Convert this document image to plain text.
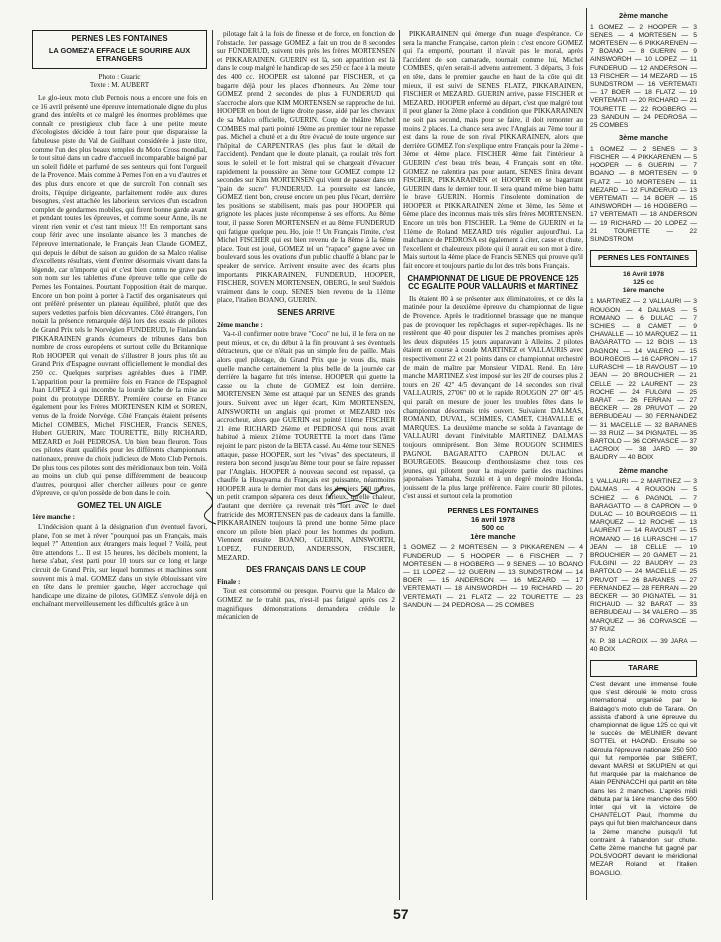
PERNES LES FONTAINES
LA GOMEZ'A EFFACE LE SOURIRE AUX ETRANGERS
Photo : Guaric
Texte : M. AUBERT

Le glo-ieux moto club Pernois nous a encore une fois en ce 16 avril présenté une épreuve internationale digne du plus grand des intérêts et ce malgré les énormes problèmes que connaît ce prestigieux club face à une petite meute d'écologistes décidée à tout faire pour que disparaisse la fabuleuse piste du Val de Guilhaut considérée à juste titre, comme l'un des plus beaux temples du Moto Cross mondial, le tout situé dans un cadre d'accueil incomparable baigné par un soleil fidèle et parfumé de ses senteurs qui font l'orgueil de la Provence. Mais comme à Pernes l'on en a vu d'autres et des plus durs encore et que de surcroît l'on connaît ses droits, l'équipe dirigeante, parfaitement rodée aux dures besognes, s'est attachée les laborieux services d'un escadron complet de gendarmes mobiles, qui firent bonne garde avant et pendant toutes les épreuves, et comme soeur Anne, ils ne virent rien venir et c'est tant mieux !!! En remportant sans coup férir avec une insolante aisance les 3 manches de l'épreuve internationale, le Français Jean Claude GOMEZ, qui depuis le début de saison au guidon de sa Malco réalise d'excellents résultats, vient d'entrer désormais vivant dans la légende, car n'importe qui et c'est bien connu ne grave pas son nom sur les tablettes d'une épreuve telle que celle de Pernes les Fontaines. Pourtant l'opposition était de marque. Encore un bon point à porter à l'actif des organisateurs qui ont préféré présenter un plateau équilibré, plutôt que des supers vedettes parfois bien décevantes. Côté étrangers, l'on notait la présence remarquée déjà lors des essais de pilotes de Grand Prix tels le Norvégien FUNDERUD, le Finlandais PIKKARAINEN grands écumeurs de tribunes dans bon nombre de cross européens et surtout celle du Britannique Rob HOOPER qui venait de s'illustrer 8 jours plus tôt au Grand Prix d'Espagne ouvrant officiellement le mondial des 250 cc. Quelques surprises agréables dues à l'IMP. L'apparition pour la première fois en France de l'Espagnol Juan LOPEZ à qui incombe la lourde tâche de la mise au point du prototype DERBY. Première course en France également pour les Frères MORTENSEN KIM et SOREN, venus de la froide Norvège. Côté Français étaient présents Michel COMBES, Michel FISCHER, Francis SENES, Hubert GUERIN, Marc TOURETTE, Billy RICHARD, MEZARD et Joël PEDROSA. Un bien beau fleuron. Tous ces pilotes étant qualifiés pour les différents championnats nationaux, preuve du choix judicieux de Moto Club Pernois. De plus tous ces pilotes sont des méridionaux bon tein. Voilà au moins un club qui pense différemment de beaucoup d'autres, pourquoi aller chercher ailleurs pour ce genre d'épreuve, ce qu'on possède de bon dans le coin.

GOMEZ TEL UN AIGLE
1ère manche :

L'indécision quant à la désignation d'un éventuel favori, plane, l'on se met à réver "pourquoi pas un Français, mais lequel ?" Attention aux étrangers mais lequel ? Voilà, peut être attendons !... Il est 15 heures, les décibels montent, la herse s'abat, s'est parti pour 10 tours sur ce long et large circuit de Grand Prix, sur lequel hommes et machines sont souvent mis à mal. GOMEZ dans un style éblouissant vire en tête dans le premier gauche, léger accrochage qui handicape une dizaine de pilotes, GOMEZ s'envole déjà en enchaînant merveilleusement les difficultés grâce à un

pilotage fait à la fois de finesse et de force, en fonction de l'obstacle. 1er passage GOMEZ a fait un trou de 8 secondes sur FÜNDERUD, suivent très près les frères MORTENSEN et PIKKARAINEN. GUERIN est là, son apparition est là dans le coup malgré le handicap de ses 250 cc face à la meute des 400 cc. HOOPER est talonné par FISCHER, et ça bagarre déjà pour les places d'honneurs. Au 2ème tour GOMEZ prend 2 secondes de plus à FUNDERUD qui s'accroche alors que KIM MORTENSEN se rapproche de lui. HOOPER en bout de ligne droite passe, aidé par les chevaux de sa Malco officielle, GUERIN. Coup de théâtre Michel COMBES mal parti pointé 19ème au premier tour ne repasse pas. Michel a chuté et a du être évacué de toute urgence sur l'hôpital de CARPENTRAS (les plus faut le détail de l'accident). Pendant que le doute planait, ça roulait très fort sous le soleil et le fort mistral qui se chargeait d'évacuer rapidement la poussière au 3ème tour GOMEZ compte 12 secondes sur Kim MORTENSEN qui vient de passer dans un "pain de sucre" FUNDERUD. La poursuite est lancée, GOMEZ tient bon, creuse encore un peu plus l'écart, derrière les positions se stabilisent, mais pas pour HOOPER qui grignote les places juste récompense à ses efforts. Au 8ème tour, il passe Soren MORTENSEN et au 8ème FUNDERUD qui fatigue quelque peu. Ho, joie !! Un Français l'imite, c'est Michel FISCHER qui est bien revenu de la 8ème à la 6ème place. Tout est joué, GOMEZ tel un "rapace" gagne avec un boulevard sous les ovations d'un public chauffé à blanc par le speaker de service. Arrivent ensuite avec des écarts plus importants PIKKARAINEN, FUNDERUD, HOOPER, FISCHER, SOVEN MORTENSEN, OBERG, le seul Suédois vraiment dans le coup. SENES bien revenu de la 11ème place, l'italien BOANO, GUERIN.

SENES ARRIVE
2ème manche :

Va-t-il confirmer notre brave "Coco" ne lui, il le fera on ne peut mieux, et ce, du début à la fin prouvant à ses éventuels détracteurs, que ce n'était pas un simple feu de paille. Mais alors quel pilotage, du Grand Prix que je vous dis, mais quelle manche certainement la plus belle de la journée car derrière la bagarre fut très intense. HOOPER qui guette la casse ou la chute de GOMEZ est loin derrière. MORTENSEN 3ème est attaqué par un SENES des grands jours. Suivent avec un léger écart, Kim MORTENSEN, AINSWORTH un anglais qui promet et MEZARD très accrocheur, alors que GUERIN est pointé 11ème FISCHER 21 ème RICHARD 26ème et PEDROSA qui nous avait habitué à mieux 21ème TOURETTE la mort dans l'âme rejoint le parc piston de la BETA cassé. Au 4ème tour SENES attaque, passe HOOPER, sort les "vivas" des spectateurs, il restera bon second jusqu'au 8ème tour pour se faire repasser par l'Anglais. HOOPER à nouveau second est repassé, ça chauffe la Husqvarna du Français est puissante, néanmoins HOOPER aura le dernier mot dans les derniers 500 mètres, un petit crampon séparera ces deux furieux, qu'elle chaleur, d'autant que derrière ça revenait très fort avec le duel fratricide des MORTENSEN pas de cadeaux dans la famille. PIKKARAINEN toujours là prend une bonne 5ème place encore un pilote bien placé pour les hommes du podium. Viennent ensuite BOANO, GUERIN, AINSWORTH, LOPEZ, FUNDERUD, ANDERSSON, FISCHER, MEZARD.

DES FRANÇAIS DANS LE COUP
Finale :

Tout est consommé ou presque. Pourvu que la Malco de GOMEZ ne le trahit pas, n'est-il pas fatigué après ces 2 magnifiques démonstrations demandera crédule le mécanicien de

PIKKARAINEN qui émerge d'un nuage d'espérance. Ce sera la manche Française, carton plein : c'est encore GOMEZ qui l'a emporté, pourtant il n'avait pas le moral, après l'accident de son camarade, tournait comme lui, Michel COMBES, qu'en serait-il advenu autrement. 3 départs, 3 fois en tête, dans le premier gauche en haut de la côte qui dit mieux, il est suivi de SENES FLATZ, PIKKARAINEN, FISCHER et MEZARD. GUERIN arrive, passe FISCHER et MEZARD. HOOPER enfermé au départ, c'est que malgré tout il peut glaner la 2ème place à condition que PIKKARAINEN ne soit pas second, mais pour se faire, il doit remonter au moins 2 places. La chance sera avec l'Anglais au 7ème tour il est dans la roue de son rival PIKKARAINEN, alors que derrière GOMEZ l'on s'explique entre Français pour la 2ème - 3ème et 4ème place. FISCHER 4ème fait l'intérieur à GUERIN c'est beau très beau, 4 Français sont en tête. GOMEZ ne ralentira pas pour autant, SENES finira devant FISCHER, PIKKARAINEN et HOOPER en se bagarrant GUERIN dans le dernier tour. Il sera quand même bien battu le brave GUERIN. Hormis l'insolente domination de HOOPER et PIKKARAINEN 2ème et 3ème, les 5ème et 6ème place des inconnus mais très sûrs frères MORTENSEN. Encore un très bon FISCHER. La 9ème de GUERIN et la 11ème de Roland MEZARD très régulier aujourd'hui. La malchance de PEDROSA est également à citer, casse et chute, l'excellent et chaleureux pilote qui il aurait eu son mot à dire. Mais surtout la 4ème place de Francis SENES qui prouve qu'il fait encore et toujours partie du lot des très bons Français.

CHAMPIONNAT DE LIGUE DE PROVENCE 125 CC EGALITE POUR VALLAURIS et MARTINEZ

Ils étaient 80 à se présenter aux éliminatoires, et ce dès la matinée pour la deuxième épreuve du championnat de ligue de Provence. Après le traditionnel brassage que ne manque pas de provoquer les repêchages et super-repêchages. Ils ne restèrent que 40 pour disputer les 2 manches promises après les deux disputées 15 jours auparavant à Alleins. 2 pilotes étaient en course à coude MARTINEZ et VALLAURIS avec respectivement 22 et 21 points dans ce championnat orchestré de main de maître par Monsieur VIDAL René. En 1ère manche MARTINEZ s'est imposé sur les 20' de courses plus 2 tours en 26' 42'' 4/5 devançant de 14 secondes son rival VALLAURIS, 27'06'' 00 et le rapide ROUGON 27' 08'' 4/5 qui paraît en mesure de jouer les troubles fêtes dans le championnat désormais très ouvert. Suivaient DALMAS, ROMAND, DUVAL, SCHMIES, CAMET, CHAVALLE et MARQUES. La deuxième manche se solda à l'avantage de VALLAURI devant l'inévitable MARTINEZ DALMAS toujours omniprésent. Bon 3ème ROUGON SCHMIES PAGNOL BAGARATTO CAPRON DULAC et BOURGEOIS. Beaucoup d'enthousiasme chez tous ces jeunes, qui pilotent pour la majeure partie des machines japonaises Yamaha, Suzuki et à un degré moindre Honda, jouissent de la plus large préférence. Faire courir 80 pilotes, c'est aussi et surtout cela la promotion

PERNES LES FONTAINES
16 avril 1978
500 cc
1ère manche
1 GOMEZ — 2 MORTESEN — 3 PIKKARENEN — 4 FUNDERUD — 5 HOOPER — 6 FISCHER — 7 MORTESEN — 8 HOGBERG — 9 SENES — 10 BOANO — 11 LOPEZ — 12 GUERIN — 13 SUNDSTROM — 14 BOER — 15 ANDERSON — 16 MEZARD — 17 VERTEMATI — 18 AINSWORDH — 19 RICHARD — 20 VERTEMATI — 21 FLATZ — 22 TOURETTE — 23 SANDUN — 24 PEDROSA — 25 COMBES
2ème manche
1 GOMEZ — 2 HOOPER — 3 SENES — 4 MORTESEN — 5 MORTESEN — 6 PIKKARENEN — 7 BOANO — 8 GUERIN — 9 AINSWORDH — 10 LOPEZ — 11 FUNDERUD — 12 ANDERSON — 13 FISCHER — 14 MEZARD — 15 SUNDSTROM — 16 VERTEMATI — 17 BOER — 18 FLATZ — 19 VERTEMATI — 20 RICHARD — 21 TOURETTE — 22 ROGBERG — 23 SANDUN — 24 PEDROSA — 25 COMBES
3ème manche
1 GOMEZ — 2 SENES — 3 FISCHER — 4 PIKKARENEN — 5 HOOPER — 6 GUERIN — 7 BOANO — 8 MORTESEN — 9 FLATZ — 10 MORTESEN — 11 MEZARD — 12 FUNDERUD — 13 VERTEMATI — 14 BOER — 15 AINSWORDH — 16 HOGBERG — 17 VERTEMATI — 18 ANDERSON — 19 RICHARD — 20 LOPEZ — 21 TOURETTE — 22 SUNDSTROM
PERNES LES FONTAINES
16 Avril 1978
125 cc
1ère manche
1 MARTINEZ — 2 VALLAURI — 3 ROUGON — 4 DALMAS — 5 ROMANO — 6 DULAC — 7 SCHIES — 8 CAMET — 9 CHAVALLE — 10 MARQUEZ — 11 BAGARATTO — 12 BOIS — 13 PAGNON — 14 VALERO — 15 BOURGEOIS — 16 CAPRON — 17 LURASCHI — 18 RAVOUST — 19 JEAN — 20 BROUCHIER — 21 CELLE — 22 LAURENT — 23 ROCHE — 24 FULGINI — 25 BARAT — 26 FERRAN — 27 BECKER — 28 PRUVOT — 29 BERBUDEAU — 30 FERNANDEZ — 31 MACELLE — 32 BARANES — 33 RUIZ — 34 PIGNATEL — 35 BARTOLO — 36 CORVASCE — 37 LACROIX — 38 JARD — 39 BAUDRY — 40 BOIX
2ème manche
1 VALLAURI — 2 MARTINEZ — 3 DALMAS — 4 ROUGON — 5 SCHIEZ — 6 PAGNOL — 7 BARAGATTO — 8 CAPRON — 9 DULAC — 10 BOURGEOIS — 11 MARQUEZ — 12 ROCHE — 13 LAURENT — 14 RAVOUST — 15 ROMANO — 16 LURASCHI — 17 JEAN — 18 CELLE — 19 BROUCHIER — 20 GAMET — 21 FULGINI — 22 BAUDRY — 23 BARTOLO — 24 MACELLE — 25 PRUVOT — 26 BARANES — 27 FERNANDEZ — 28 FERRAN — 29 BECKER — 30 PIGNATEL — 31 RICHAUD — 32 BARAT — 33 BERBUDEAU — 34 VALERO — 35 MARQUEZ — 36 CORVASCE — 37 RUIZ
N. P. 38 LACROIX — 39 JARA — 40 BOIX
TARARE
C'est devant une immense foule que s'est déroulé le moto cross international organisé par le Baldago's moto club de Tarare. On assista d'abord à une épreuve du championnat de ligue 125 cc qui vit le succès de MEUNIER devant SOTTEL et HAOND. Ensuite se déroula l'épreuve nationale 250 500 qui fut remportée par SIBERT, devant MARSI et SKUPIEN et qui fut marquée par la malchance de Alain PENNACCHI qui partit en tête dans les 2 manches. L'après midi débuta par la 1ère manche des 500 Inter qui vit la victoire de CHANTELOT Paul, l'homme du pays qui fut bien malchanceux dans la 2ème manche puisqu'il fut contraint à l'abandon sur chute. Cette 2ème manche fut gagné par POLSVOORT devant le méridional MEZAR Roland et l'italien BOAGLIO.
57
